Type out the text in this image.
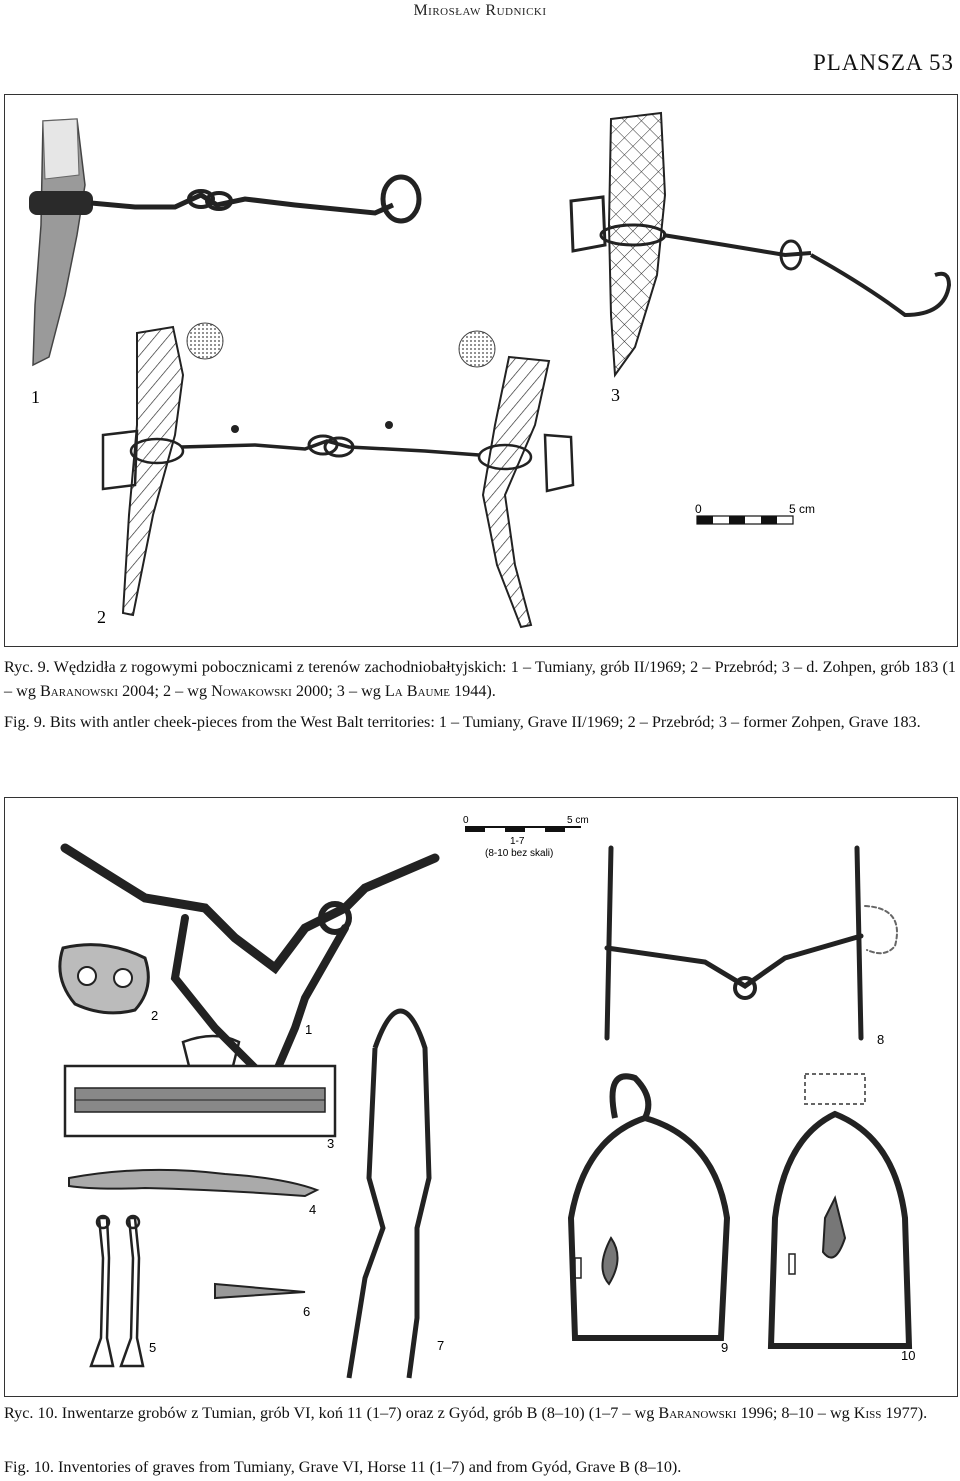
Mirosław Rudnicki
PLANSZA 53
1	3
2
0	5 cm

Ryc. 9. Wędzidła z rogowymi pobocznicami z terenów zachodniobałtyjskich: 1 – Tumiany, grób II/1969; 2 – Przebród; 3 – d. Zohpen, grób 183 (1 – wg Baranowski 2004; 2 – wg Nowakowski 2000; 3 – wg La Baume 1944).

Fig. 9. Bits with antler cheek-pieces from the West Balt territories: 1 – Tumiany, Grave II/1969; 2 – Przebród; 3 – former Zohpen, Grave 183.

0	5 cm
1-7
(8-10 bez skali)
1
2
3
4
5
6
7
8
9
10

Ryc. 10. Inwentarze grobów z Tumian, grób VI, koń 11 (1–7) oraz z Gyód, grób B (8–10) (1–7 – wg Baranowski 1996; 8–10 – wg Kiss 1977).

Fig. 10. Inventories of graves from Tumiany, Grave VI, Horse 11 (1–7) and from Gyód, Grave B (8–10).
